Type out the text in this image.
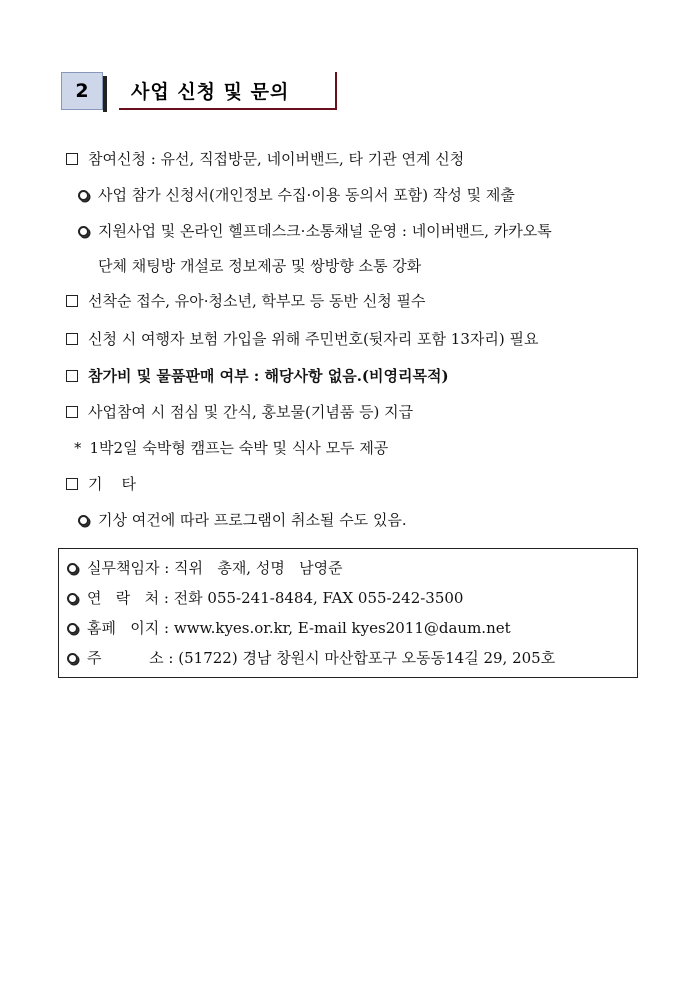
2	사업 신청 및 문의
참여신청 : 유선, 직접방문, 네이버밴드, 타 기관 연계 신청
사업 참가 신청서(개인정보 수집·이용 동의서 포함) 작성 및 제출
지원사업 및 온라인 헬프데스크·소통채널 운영 : 네이버밴드, 카카오톡
단체 채팅방 개설로 정보제공 및 쌍방향 소통 강화
선착순 접수, 유아·청소년, 학부모 등 동반 신청 필수
신청 시 여행자 보험 가입을 위해 주민번호(뒷자리 포함 13자리) 필요
참가비 및 물품판매 여부 : 해당사항 없음.(비영리목적)
사업참여 시 점심 및 간식, 홍보물(기념품 등) 지급
* 1박2일 숙박형 캠프는 숙박 및 식사 모두 제공
기    타
기상 여건에 따라 프로그램이 취소될 수도 있음.
실무책임자 : 직위   총재, 성명   남영준
연   락   처 : 전화 055-241-8484, FAX 055-242-3500
홈페   이지 : www.kyes.or.kr, E-mail kyes2011@daum.net
주          소 : (51722) 경남 창원시 마산합포구 오동동14길 29, 205호
